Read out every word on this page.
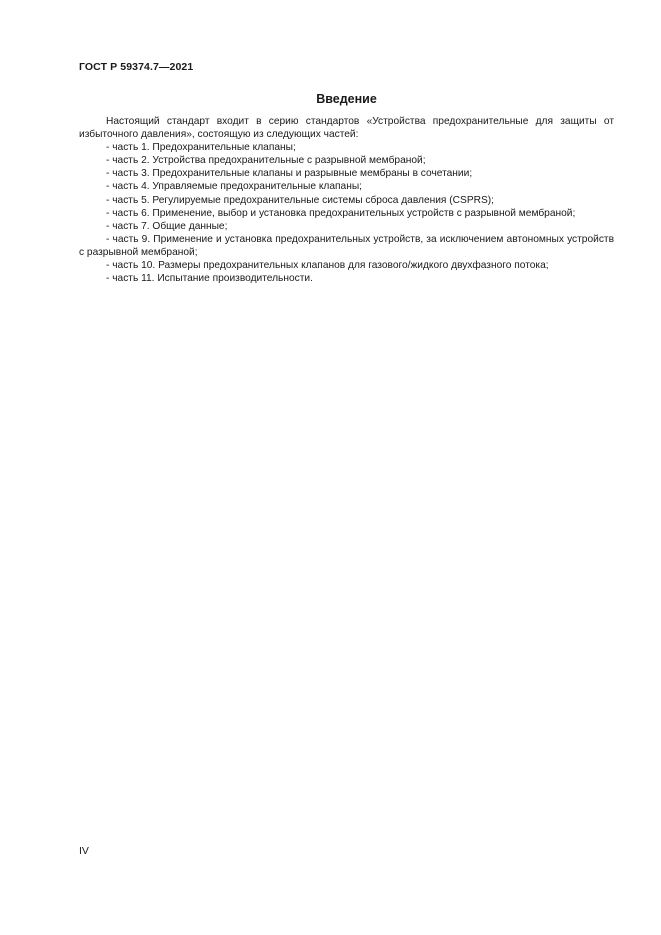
ГОСТ Р 59374.7—2021
Введение

Настоящий стандарт входит в серию стандартов «Устройства предохранительные для защиты от избыточного давления», состоящую из следующих частей:

- часть 1. Предохранительные клапаны;

- часть 2. Устройства предохранительные с разрывной мембраной;

- часть 3. Предохранительные клапаны и разрывные мембраны в сочетании;

- часть 4. Управляемые предохранительные клапаны;

- часть 5. Регулируемые предохранительные системы сброса давления (CSPRS);

- часть 6. Применение, выбор и установка предохранительных устройств с разрывной мембраной;

- часть 7. Общие данные;

- часть 9. Применение и установка предохранительных устройств, за исключением автономных устройств с разрывной мембраной;

- часть 10. Размеры предохранительных клапанов для газового/жидкого двухфазного потока;

- часть 11. Испытание производительности.

IV
